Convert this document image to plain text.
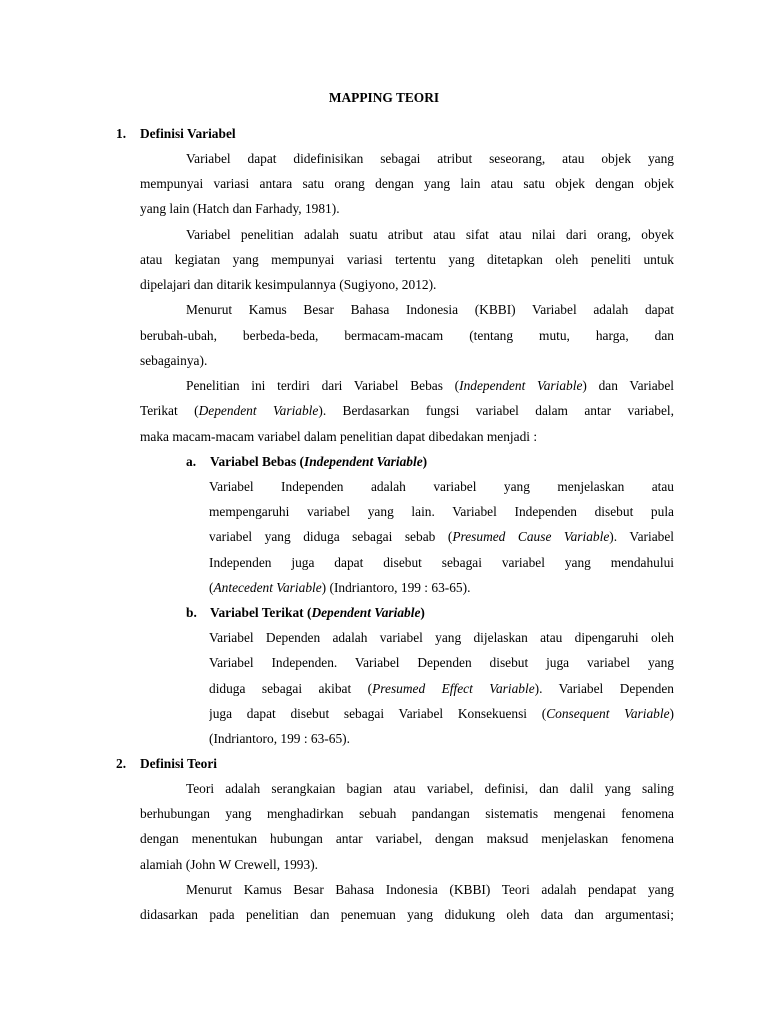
MAPPING TEORI
1. Definisi Variabel
Variabel dapat didefinisikan sebagai atribut seseorang, atau objek yang
mempunyai variasi antara satu orang dengan yang lain atau satu objek dengan objek
yang lain (Hatch dan Farhady, 1981).
Variabel penelitian adalah suatu atribut atau sifat atau nilai dari orang, obyek
atau kegiatan yang mempunyai variasi tertentu yang ditetapkan oleh peneliti untuk
dipelajari dan ditarik kesimpulannya (Sugiyono, 2012).
Menurut Kamus Besar Bahasa Indonesia (KBBI) Variabel adalah dapat
berubah-ubah, berbeda-beda, bermacam-macam (tentang mutu, harga, dan
sebagainya).
Penelitian ini terdiri dari Variabel Bebas (Independent Variable) dan Variabel
Terikat (Dependent Variable). Berdasarkan fungsi variabel dalam antar variabel,
maka macam-macam variabel dalam penelitian dapat dibedakan menjadi :
a. Variabel Bebas (Independent Variable)
Variabel Independen adalah variabel yang menjelaskan atau
mempengaruhi variabel yang lain. Variabel Independen disebut pula
variabel yang diduga sebagai sebab (Presumed Cause Variable). Variabel
Independen juga dapat disebut sebagai variabel yang mendahului
(Antecedent Variable) (Indriantoro, 199 : 63-65).
b. Variabel Terikat (Dependent Variable)
Variabel Dependen adalah variabel yang dijelaskan atau dipengaruhi oleh
Variabel Independen. Variabel Dependen disebut juga variabel yang
diduga sebagai akibat (Presumed Effect Variable). Variabel Dependen
juga dapat disebut sebagai Variabel Konsekuensi (Consequent Variable)
(Indriantoro, 199 : 63-65).
2. Definisi Teori
Teori adalah serangkaian bagian atau variabel, definisi, dan dalil yang saling
berhubungan yang menghadirkan sebuah pandangan sistematis mengenai fenomena
dengan menentukan hubungan antar variabel, dengan maksud menjelaskan fenomena
alamiah (John W Crewell, 1993).
Menurut Kamus Besar Bahasa Indonesia (KBBI) Teori adalah pendapat yang
didasarkan pada penelitian dan penemuan yang didukung oleh data dan argumentasi;
